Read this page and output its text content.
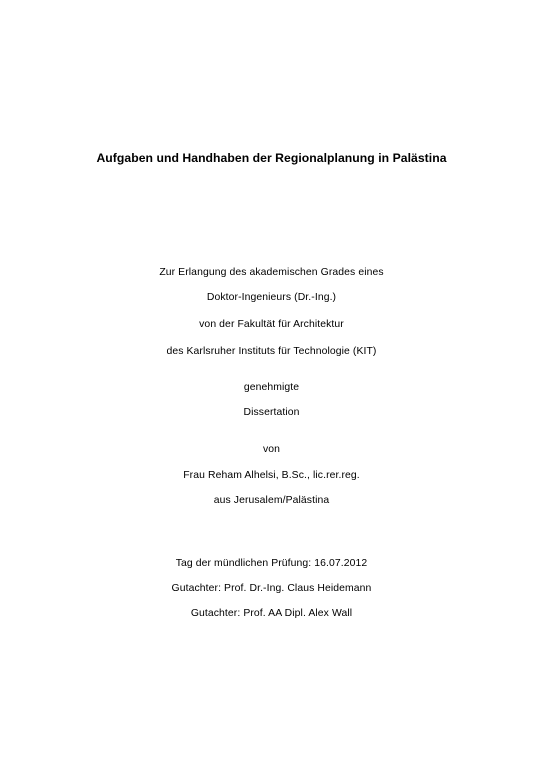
Aufgaben und Handhaben der Regionalplanung in Palästina
Zur Erlangung des akademischen Grades eines
Doktor-Ingenieurs (Dr.-Ing.)
von der Fakultät für Architektur
des Karlsruher Instituts für Technologie (KIT)
genehmigte
Dissertation
von
Frau Reham Alhelsi, B.Sc., lic.rer.reg.
aus Jerusalem/Palästina
Tag der mündlichen Prüfung: 16.07.2012
Gutachter: Prof. Dr.-Ing. Claus Heidemann
Gutachter: Prof. AA Dipl. Alex Wall
